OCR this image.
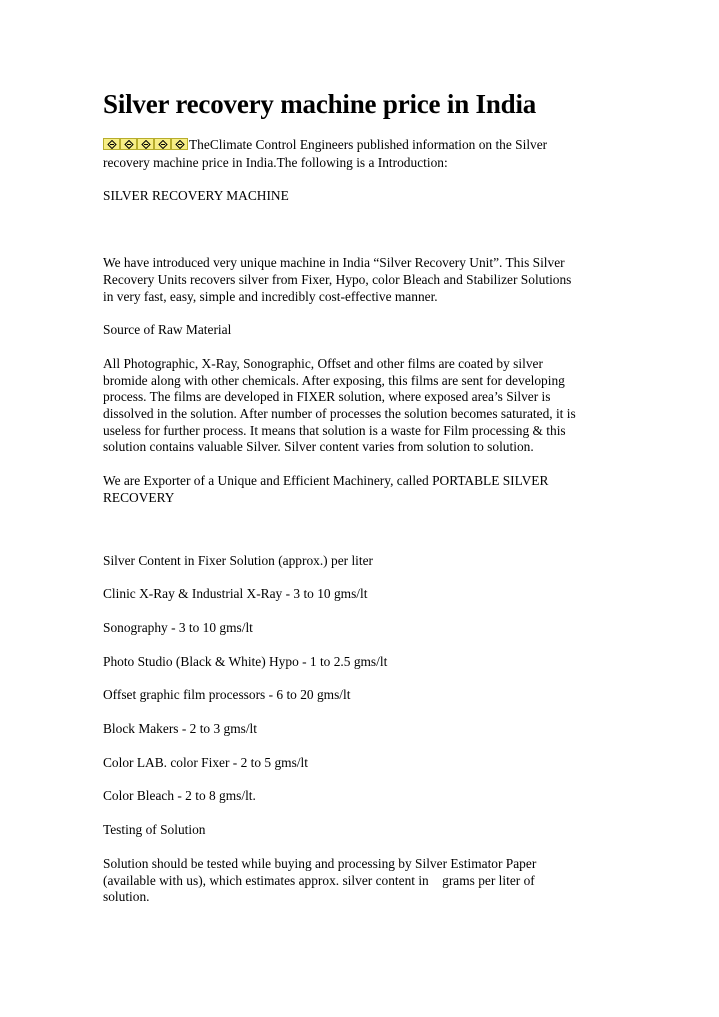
Silver recovery machine price in India

TheClimate Control Engineers published information on the Silver
recovery machine price in India.The following is a Introduction:

SILVER RECOVERY MACHINE

We have introduced very unique machine in India “Silver Recovery Unit”. This Silver
Recovery Units recovers silver from Fixer, Hypo, color Bleach and Stabilizer Solutions
in very fast, easy, simple and incredibly cost-effective manner.

Source of Raw Material

All Photographic, X-Ray, Sonographic, Offset and other films are coated by silver
bromide along with other chemicals. After exposing, this films are sent for developing
process. The films are developed in FIXER solution, where exposed area’s Silver is
dissolved in the solution. After number of processes the solution becomes saturated, it is
useless for further process. It means that solution is a waste for Film processing & this
solution contains valuable Silver. Silver content varies from solution to solution.

We are Exporter of a Unique and Efficient Machinery, called PORTABLE SILVER
RECOVERY

Silver Content in Fixer Solution (approx.) per liter

Clinic X-Ray & Industrial X-Ray - 3 to 10 gms/lt

Sonography - 3 to 10 gms/lt

Photo Studio (Black & White) Hypo - 1 to 2.5 gms/lt

Offset graphic film processors - 6 to 20 gms/lt

Block Makers - 2 to 3 gms/lt

Color LAB. color Fixer - 2 to 5 gms/lt

Color Bleach - 2 to 8 gms/lt.

Testing of Solution

Solution should be tested while buying and processing by Silver Estimator Paper
(available with us), which estimates approx. silver content in    grams per liter of
solution.
